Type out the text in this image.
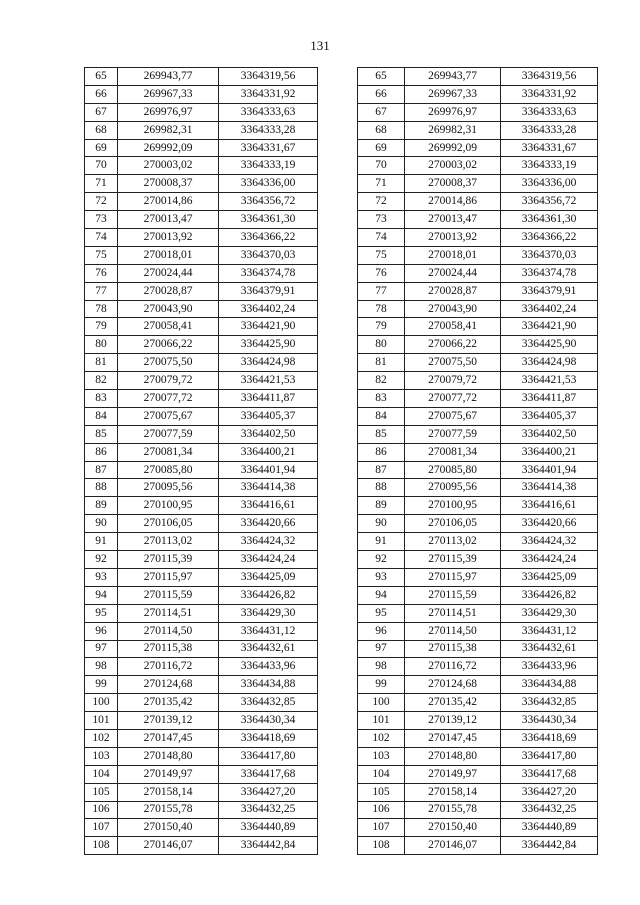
131
65	269943,77	3364319,56
66	269967,33	3364331,92
67	269976,97	3364333,63
68	269982,31	3364333,28
69	269992,09	3364331,67
70	270003,02	3364333,19
71	270008,37	3364336,00
72	270014,86	3364356,72
73	270013,47	3364361,30
74	270013,92	3364366,22
75	270018,01	3364370,03
76	270024,44	3364374,78
77	270028,87	3364379,91
78	270043,90	3364402,24
79	270058,41	3364421,90
80	270066,22	3364425,90
81	270075,50	3364424,98
82	270079,72	3364421,53
83	270077,72	3364411,87
84	270075,67	3364405,37
85	270077,59	3364402,50
86	270081,34	3364400,21
87	270085,80	3364401,94
88	270095,56	3364414,38
89	270100,95	3364416,61
90	270106,05	3364420,66
91	270113,02	3364424,32
92	270115,39	3364424,24
93	270115,97	3364425,09
94	270115,59	3364426,82
95	270114,51	3364429,30
96	270114,50	3364431,12
97	270115,38	3364432,61
98	270116,72	3364433,96
99	270124,68	3364434,88
100	270135,42	3364432,85
101	270139,12	3364430,34
102	270147,45	3364418,69
103	270148,80	3364417,80
104	270149,97	3364417,68
105	270158,14	3364427,20
106	270155,78	3364432,25
107	270150,40	3364440,89
108	270146,07	3364442,84
65	269943,77	3364319,56
66	269967,33	3364331,92
67	269976,97	3364333,63
68	269982,31	3364333,28
69	269992,09	3364331,67
70	270003,02	3364333,19
71	270008,37	3364336,00
72	270014,86	3364356,72
73	270013,47	3364361,30
74	270013,92	3364366,22
75	270018,01	3364370,03
76	270024,44	3364374,78
77	270028,87	3364379,91
78	270043,90	3364402,24
79	270058,41	3364421,90
80	270066,22	3364425,90
81	270075,50	3364424,98
82	270079,72	3364421,53
83	270077,72	3364411,87
84	270075,67	3364405,37
85	270077,59	3364402,50
86	270081,34	3364400,21
87	270085,80	3364401,94
88	270095,56	3364414,38
89	270100,95	3364416,61
90	270106,05	3364420,66
91	270113,02	3364424,32
92	270115,39	3364424,24
93	270115,97	3364425,09
94	270115,59	3364426,82
95	270114,51	3364429,30
96	270114,50	3364431,12
97	270115,38	3364432,61
98	270116,72	3364433,96
99	270124,68	3364434,88
100	270135,42	3364432,85
101	270139,12	3364430,34
102	270147,45	3364418,69
103	270148,80	3364417,80
104	270149,97	3364417,68
105	270158,14	3364427,20
106	270155,78	3364432,25
107	270150,40	3364440,89
108	270146,07	3364442,84
